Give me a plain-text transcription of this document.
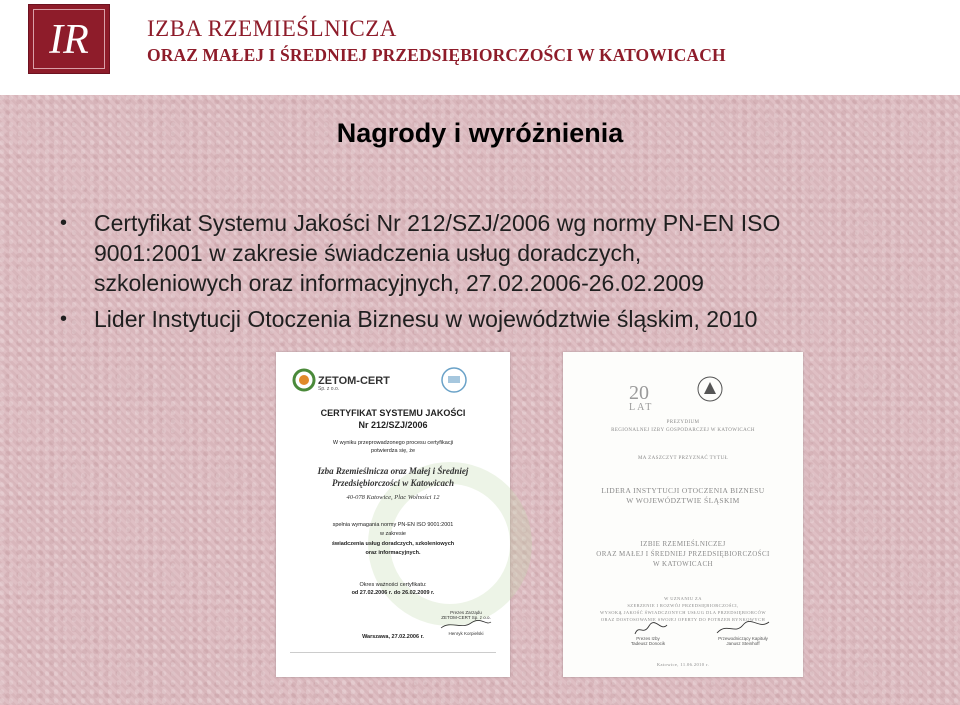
IR	IZBA RZEMIEŚLNICZA
ORAZ MAŁEJ I ŚREDNIEJ PRZEDSIĘBIORCZOŚCI W KATOWICACH
Nagrody i wyróżnienia
• Certyfikat Systemu Jakości Nr 212/SZJ/2006 wg normy PN-EN ISO
9001:2001 w zakresie świadczenia usług doradczych,
szkoleniowych oraz informacyjnych, 27.02.2006-26.02.2009
• Lider Instytucji Otoczenia Biznesu w województwie śląskim, 2010
ZETOM-CERT
Sp. z o.o.
CERTYFIKAT SYSTEMU JAKOŚCI
Nr 212/SZJ/2006
W wyniku przeprowadzonego procesu certyfikacji
potwierdza się, że
Izba Rzemieślnicza oraz Małej i Średniej
Przedsiębiorczości w Katowicach
40-078 Katowice, Plac Wolności 12
spełnia wymagania normy PN-EN ISO 9001:2001
w zakresie
świadczenia usług doradczych, szkoleniowych
oraz informacyjnych.
Okres ważności certyfikatu:
od 27.02.2006 r. do 26.02.2009 r.
Prezes Zarządu
ZETOM-CERT Sp. z o.o.
Henryk Korpielski
Warszawa, 27.02.2006 r.
20
LAT
PREZYDIUM
REGIONALNEJ IZBY GOSPODARCZEJ W KATOWICACH
MA ZASZCZYT PRZYZNAĆ TYTUŁ
LIDERA INSTYTUCJI OTOCZENIA BIZNESU
W WOJEWÓDZTWIE ŚLĄSKIM
IZBIE RZEMIEŚLNICZEJ
ORAZ MAŁEJ I ŚREDNIEJ PRZEDSIĘBIORCZOŚCI
W KATOWICACH
W UZNANIU ZA
SZERZENIE I ROZWÓJ PRZEDSIĘBIORCZOŚCI,
WYSOKĄ JAKOŚĆ ŚWIADCZONYCH USŁUG DLA PRZEDSIĘBIORCÓW
ORAZ DOSTOSOWANIE SWOJEJ OFERTY DO POTRZEB RYNKOWYCH
Prezes Izby
Tadeusz Donocik
Przewodniczący Kapituły
Janusz Steinhoff
Katowice, 11.06.2010 r.
